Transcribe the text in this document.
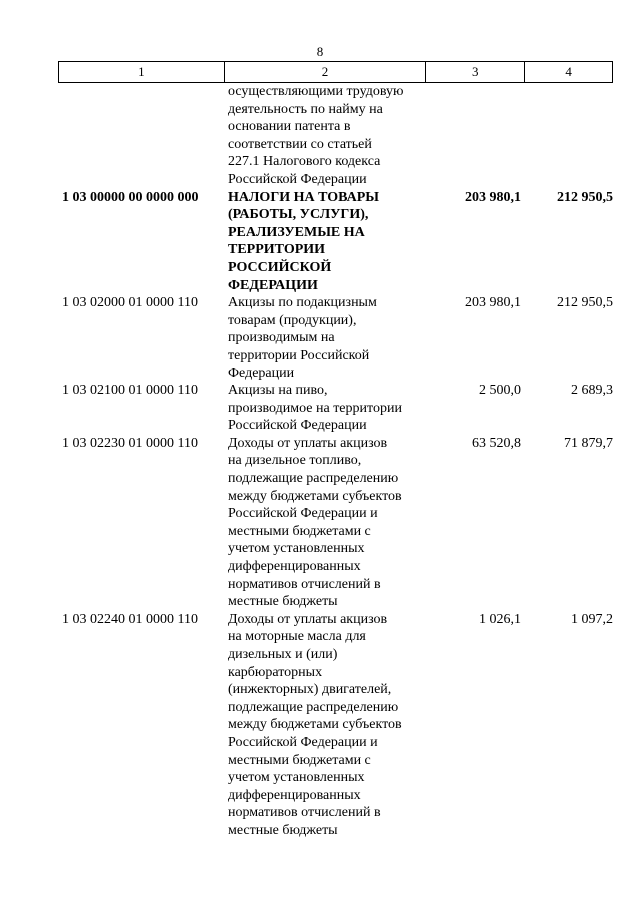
8
1	2	3	4
осуществляющими трудовую
деятельность по найму на
основании патента в
соответствии со статьей
227.1 Налогового кодекса
Российской Федерации
1 03 00000 00 0000 000	НАЛОГИ НА ТОВАРЫ
(РАБОТЫ, УСЛУГИ),
РЕАЛИЗУЕМЫЕ НА
ТЕРРИТОРИИ
РОССИЙСКОЙ
ФЕДЕРАЦИИ
203 980,1	212 950,5
1 03 02000 01 0000 110	Акцизы по подакцизным
товарам (продукции),
производимым на
территории Российской
Федерации
203 980,1	212 950,5
1 03 02100 01 0000 110	Акцизы на пиво,
производимое на территории
Российской Федерации
2 500,0	2 689,3
1 03 02230 01 0000 110	Доходы от уплаты акцизов
на дизельное топливо,
подлежащие распределению
между бюджетами субъектов
Российской Федерации и
местными бюджетами с
учетом установленных
дифференцированных
нормативов отчислений в
местные бюджеты
63 520,8	71 879,7
1 03 02240 01 0000 110	Доходы от уплаты акцизов
на моторные масла для
дизельных и (или)
карбюраторных
(инжекторных) двигателей,
подлежащие распределению
между бюджетами субъектов
Российской Федерации и
местными бюджетами с
учетом установленных
дифференцированных
нормативов отчислений в
местные бюджеты
1 026,1	1 097,2
